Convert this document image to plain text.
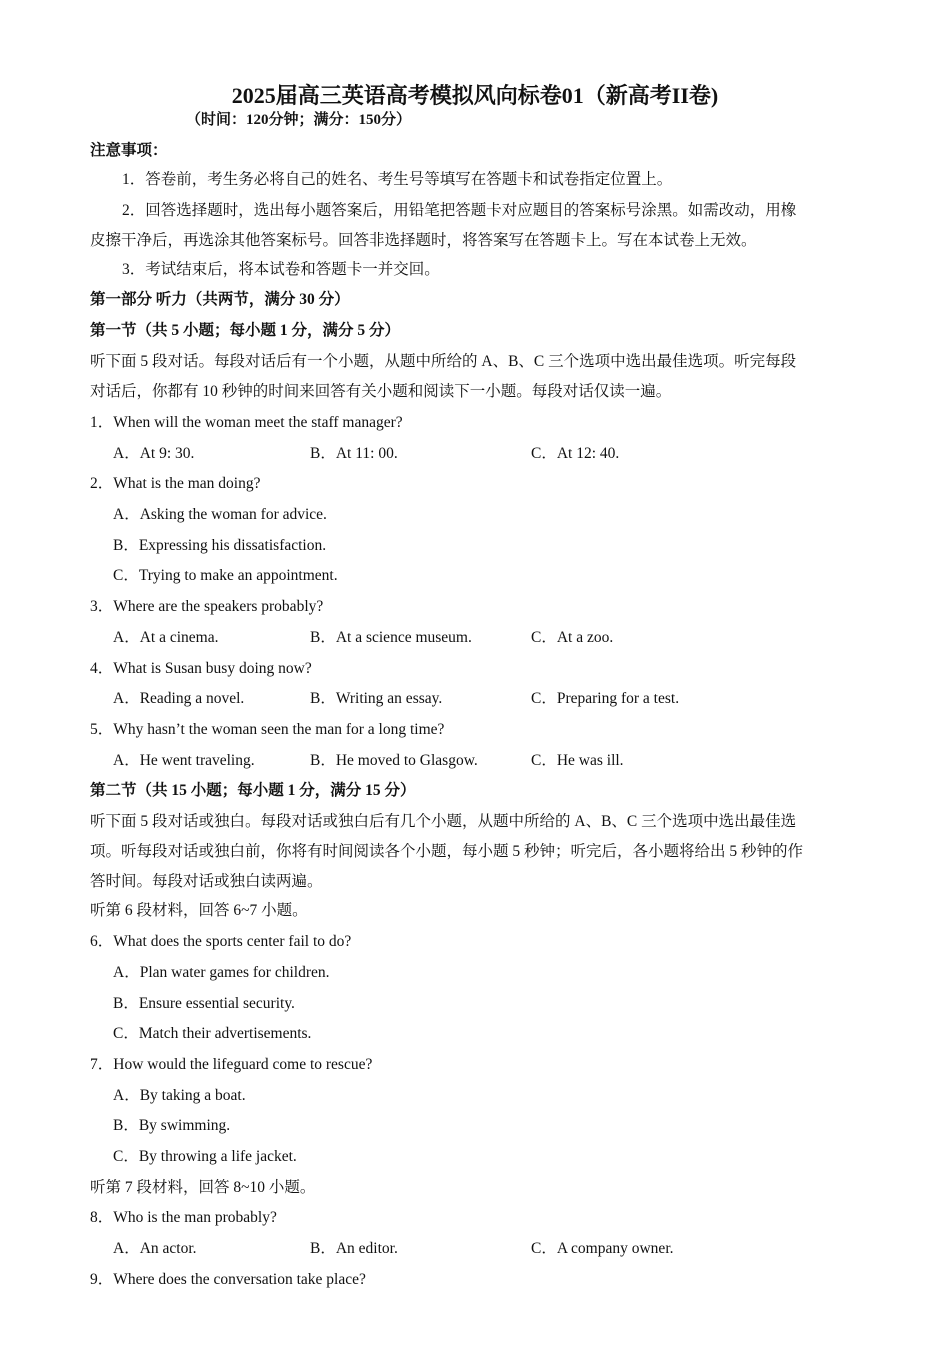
2025届高三英语高考模拟风向标卷01（新高考II卷)
（时间：120分钟；满分：150分）
注意事项：
1．答卷前，考生务必将自己的姓名、考生号等填写在答题卡和试卷指定位置上。
2．回答选择题时，选出每小题答案后，用铅笔把答题卡对应题目的答案标号涂黑。如需改动，用橡
皮擦干净后，再选涂其他答案标号。回答非选择题时，将答案写在答题卡上。写在本试卷上无效。
3．考试结束后，将本试卷和答题卡一并交回。
第一部分 听力（共两节，满分 30 分）
第一节（共 5 小题；每小题 1 分，满分 5 分）
听下面 5 段对话。每段对话后有一个小题，从题中所给的 A、B、C 三个选项中选出最佳选项。听完每段
对话后，你都有 10 秒钟的时间来回答有关小题和阅读下一小题。每段对话仅读一遍。
1．When will the woman meet the staff manager?
A．At 9: 30.	B．At 11: 00.	C．At 12: 40.
2．What is the man doing?
A．Asking the woman for advice.
B．Expressing his dissatisfaction.
C．Trying to make an appointment.
3．Where are the speakers probably?
A．At a cinema.	B．At a science museum.	C．At a zoo.
4．What is Susan busy doing now?
A．Reading a novel.	B．Writing an essay.	C．Preparing for a test.
5．Why hasn’t the woman seen the man for a long time?
A．He went traveling.	B．He moved to Glasgow.	C．He was ill.
第二节（共 15 小题；每小题 1 分，满分 15 分）
听下面 5 段对话或独白。每段对话或独白后有几个小题，从题中所给的 A、B、C 三个选项中选出最佳选
项。听每段对话或独白前，你将有时间阅读各个小题，每小题 5 秒钟；听完后，各小题将给出 5 秒钟的作
答时间。每段对话或独白读两遍。
听第 6 段材料，回答 6~7 小题。
6．What does the sports center fail to do?
A．Plan water games for children.
B．Ensure essential security.
C．Match their advertisements.
7．How would the lifeguard come to rescue?
A．By taking a boat.
B．By swimming.
C．By throwing a life jacket.
听第 7 段材料，回答 8~10 小题。
8．Who is the man probably?
A．An actor.	B．An editor.	C．A company owner.
9．Where does the conversation take place?
